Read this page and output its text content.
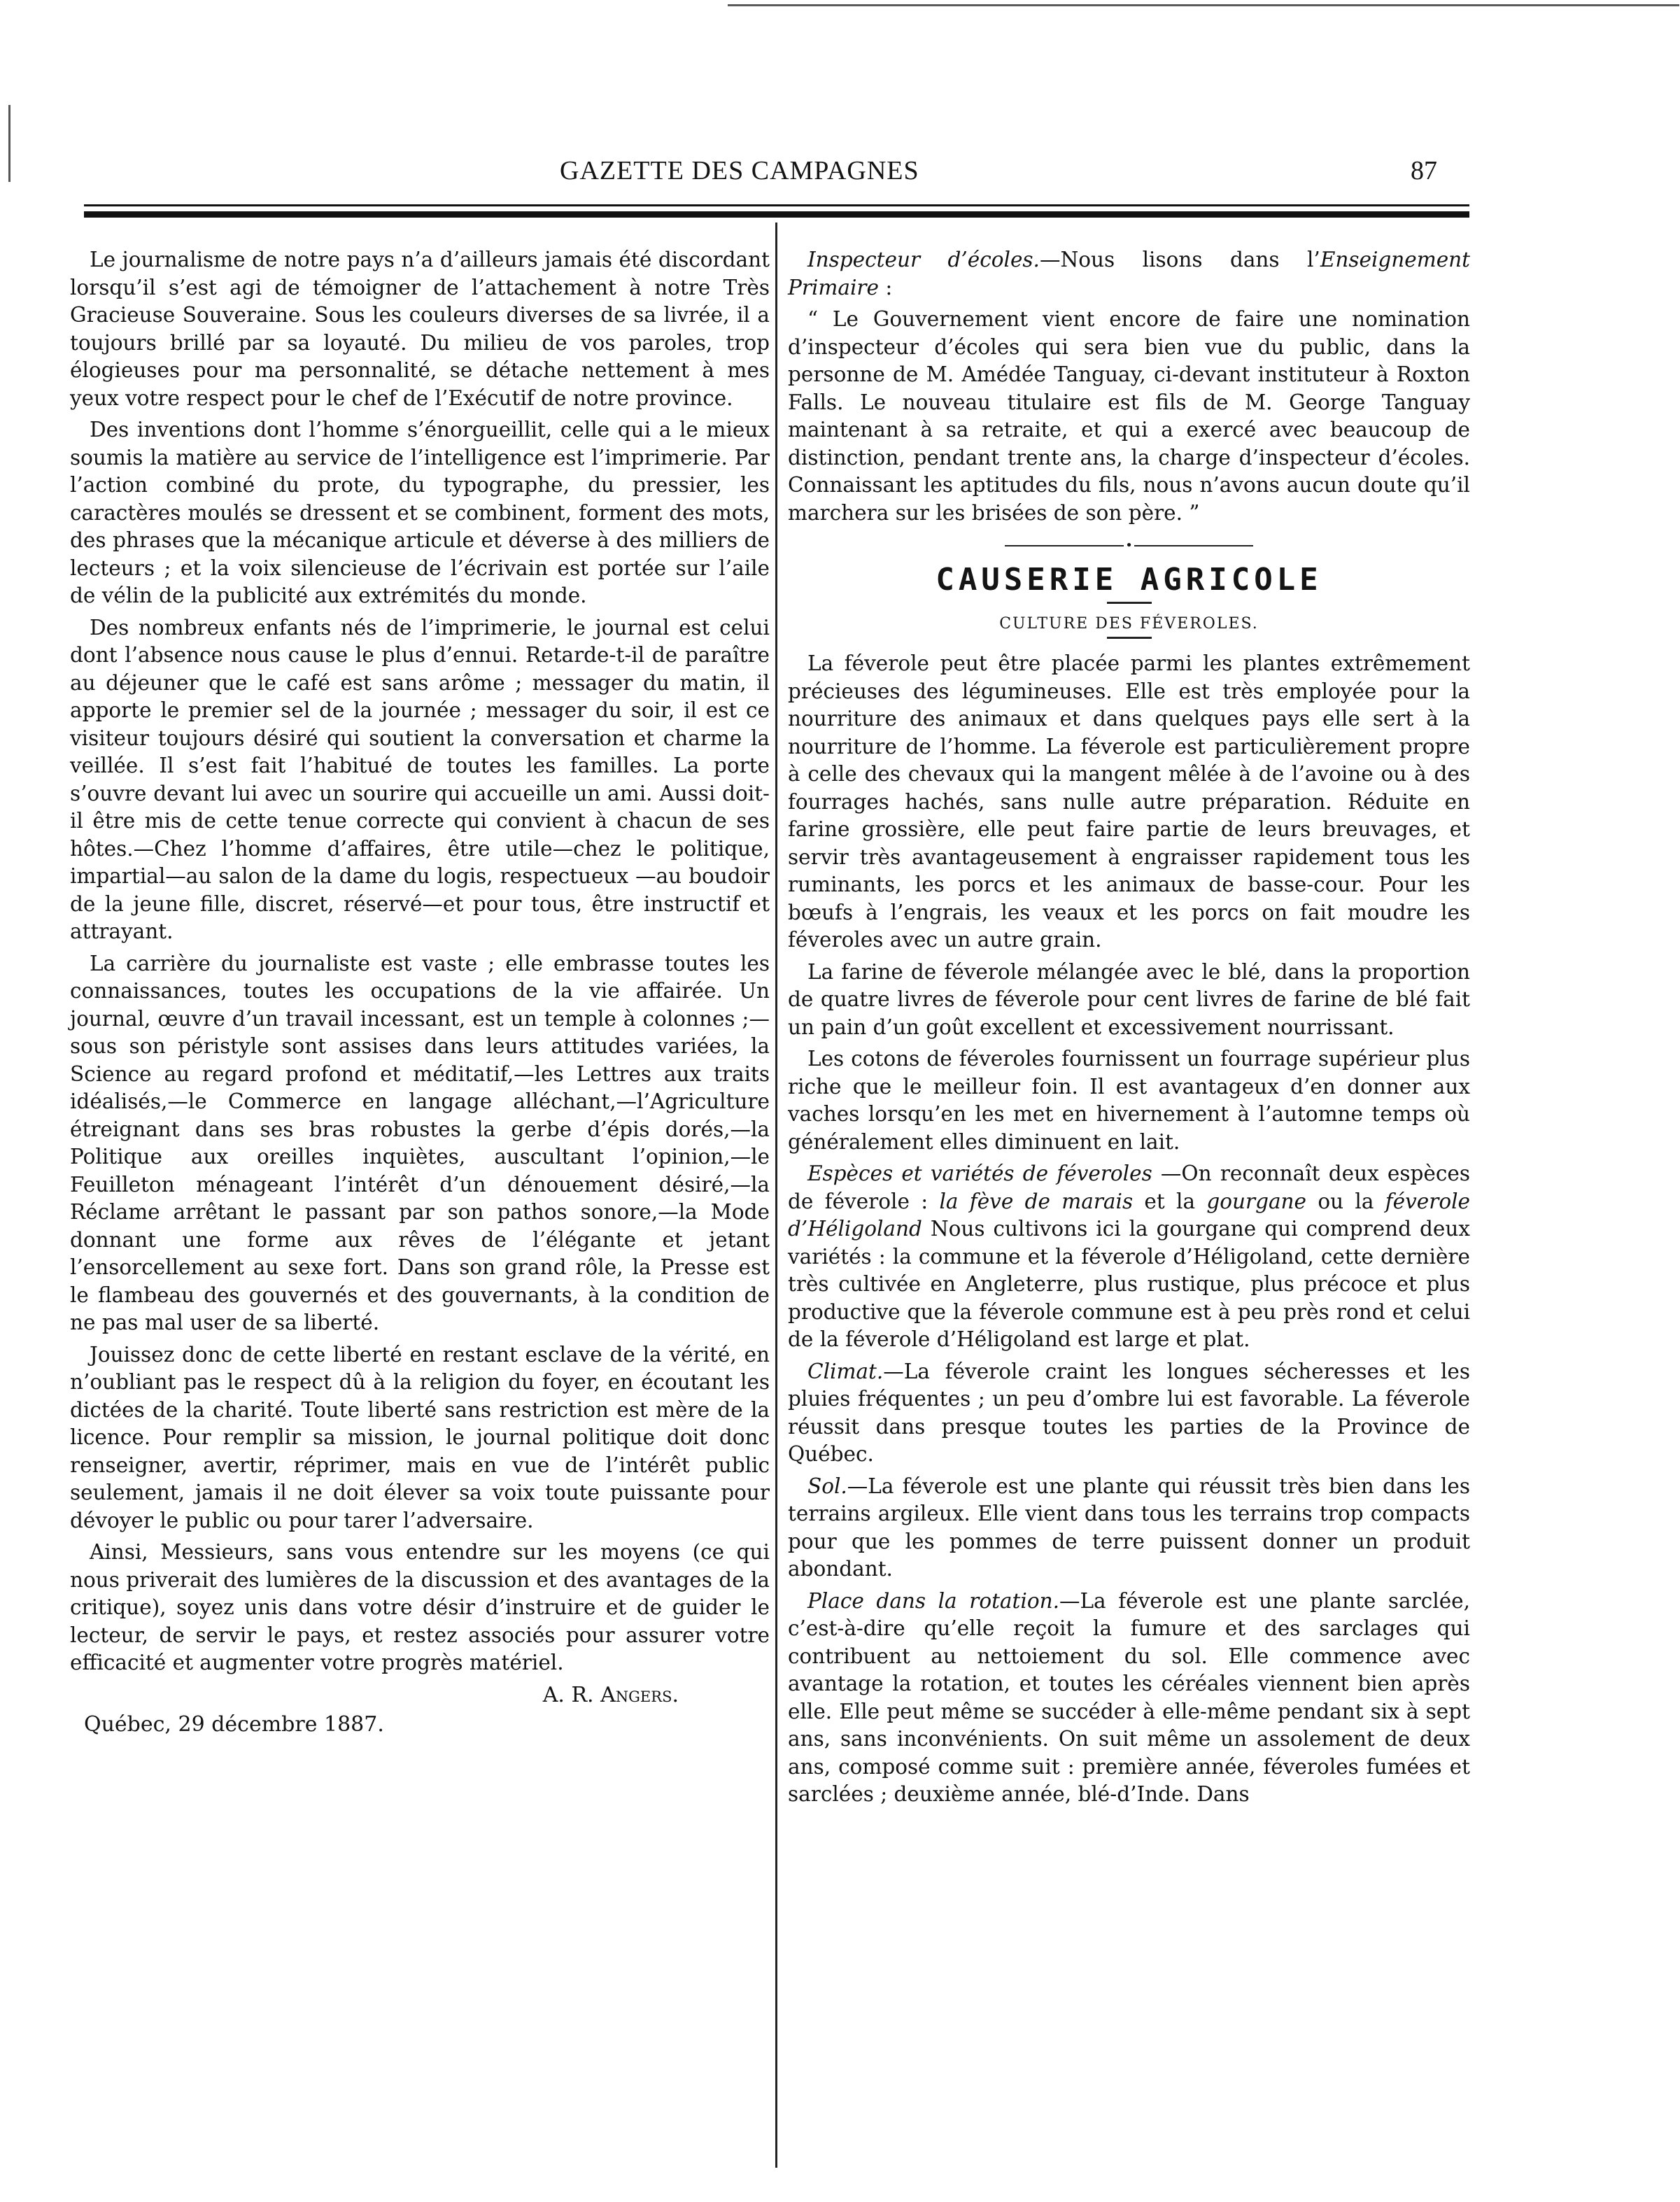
GAZETTE DES CAMPAGNES	87

Le journalisme de notre pays n’a d’ailleurs jamais été discordant lorsqu’il s’est agi de témoigner de l’attachement à notre Très Gracieuse Souveraine. Sous les couleurs diverses de sa livrée, il a toujours brillé par sa loyauté. Du milieu de vos paroles, trop élogieuses pour ma personnalité, se détache nettement à mes yeux votre respect pour le chef de l’Exécutif de notre province.

Des inventions dont l’homme s’énorgueillit, celle qui a le mieux soumis la matière au service de l’intelligence est l’imprimerie. Par l’action combiné du prote, du typographe, du pressier, les caractères moulés se dressent et se combinent, forment des mots, des phrases que la mécanique articule et déverse à des milliers de lecteurs ; et la voix silencieuse de l’écrivain est portée sur l’aile de vélin de la publicité aux extrémités du monde.

Des nombreux enfants nés de l’imprimerie, le journal est celui dont l’absence nous cause le plus d’ennui. Retarde-t-il de paraître au déjeuner que le café est sans arôme ; messager du matin, il apporte le premier sel de la journée ; messager du soir, il est ce visiteur toujours désiré qui soutient la conversation et charme la veillée. Il s’est fait l’habitué de toutes les familles. La porte s’ouvre devant lui avec un sourire qui accueille un ami. Aussi doit-il être mis de cette tenue correcte qui convient à chacun de ses hôtes.—Chez l’homme d’affaires, être utile—chez le politique, impartial—au salon de la dame du logis, respectueux —au boudoir de la jeune fille, discret, réservé—et pour tous, être instructif et attrayant.

La carrière du journaliste est vaste ; elle embrasse toutes les connaissances, toutes les occupations de la vie affairée. Un journal, œuvre d’un travail incessant, est un temple à colonnes ;—sous son péristyle sont assises dans leurs attitudes variées, la Science au regard profond et méditatif,—les Lettres aux traits idéalisés,—le Commerce en langage alléchant,—l’Agriculture étreignant dans ses bras robustes la gerbe d’épis dorés,—la Politique aux oreilles inquiètes, auscultant l’opinion,—le Feuilleton ménageant l’intérêt d’un dénouement désiré,—la Réclame arrêtant le passant par son pathos sonore,—la Mode donnant une forme aux rêves de l’élégante et jetant l’ensorcellement au sexe fort. Dans son grand rôle, la Presse est le flambeau des gouvernés et des gouvernants, à la condition de ne pas mal user de sa liberté.

Jouissez donc de cette liberté en restant esclave de la vérité, en n’oubliant pas le respect dû à la religion du foyer, en écoutant les dictées de la charité. Toute liberté sans restriction est mère de la licence. Pour remplir sa mission, le journal politique doit donc renseigner, avertir, réprimer, mais en vue de l’intérêt public seulement, jamais il ne doit élever sa voix toute puissante pour dévoyer le public ou pour tarer l’adversaire.

Ainsi, Messieurs, sans vous entendre sur les moyens (ce qui nous priverait des lumières de la discussion et des avantages de la critique), soyez unis dans votre désir d’instruire et de guider le lecteur, de servir le pays, et restez associés pour assurer votre efficacité et augmenter votre progrès matériel.

A. R. Angers.
Québec, 29 décembre 1887.

Inspecteur d’écoles.—Nous lisons dans l’Enseignement Primaire :

“ Le Gouvernement vient encore de faire une nomination d’inspecteur d’écoles qui sera bien vue du public, dans la personne de M. Amédée Tanguay, ci-devant instituteur à Roxton Falls. Le nouveau titulaire est fils de M. George Tanguay maintenant à sa retraite, et qui a exercé avec beaucoup de distinction, pendant trente ans, la charge d’inspecteur d’écoles. Connaissant les aptitudes du fils, nous n’avons aucun doute qu’il marchera sur les brisées de son père. ”

•
CAUSERIE AGRICOLE
CULTURE DES FÉVEROLES.

La féverole peut être placée parmi les plantes extrêmement précieuses des légumineuses. Elle est très employée pour la nourriture des animaux et dans quelques pays elle sert à la nourriture de l’homme. La féverole est particulièrement propre à celle des chevaux qui la mangent mêlée à de l’avoine ou à des fourrages hachés, sans nulle autre préparation. Réduite en farine grossière, elle peut faire partie de leurs breuvages, et servir très avantageusement à engraisser rapidement tous les ruminants, les porcs et les animaux de basse-cour. Pour les bœufs à l’engrais, les veaux et les porcs on fait moudre les féveroles avec un autre grain.

La farine de féverole mélangée avec le blé, dans la proportion de quatre livres de féverole pour cent livres de farine de blé fait un pain d’un goût excellent et excessivement nourrissant.

Les cotons de féveroles fournissent un fourrage supérieur plus riche que le meilleur foin. Il est avantageux d’en donner aux vaches lorsqu’en les met en hivernement à l’automne temps où généralement elles diminuent en lait.

Espèces et variétés de féveroles —On reconnaît deux espèces de féverole : la fève de marais et la gourgane ou la féverole d’Héligoland Nous cultivons ici la gourgane qui comprend deux variétés : la commune et la féverole d’Héligoland, cette dernière très cultivée en Angleterre, plus rustique, plus précoce et plus productive que la féverole commune est à peu près rond et celui de la féverole d’Héligoland est large et plat.

Climat.—La féverole craint les longues sécheresses et les pluies fréquentes ; un peu d’ombre lui est favorable. La féverole réussit dans presque toutes les parties de la Province de Québec.

Sol.—La féverole est une plante qui réussit très bien dans les terrains argileux. Elle vient dans tous les terrains trop compacts pour que les pommes de terre puissent donner un produit abondant.

Place dans la rotation.—La féverole est une plante sarclée, c’est-à-dire qu’elle reçoit la fumure et des sarclages qui contribuent au nettoiement du sol. Elle commence avec avantage la rotation, et toutes les céréales viennent bien après elle. Elle peut même se succéder à elle-même pendant six à sept ans, sans inconvénients. On suit même un assolement de deux ans, composé comme suit : première année, féveroles fumées et sarclées ; deuxième année, blé-d’Inde. Dans
